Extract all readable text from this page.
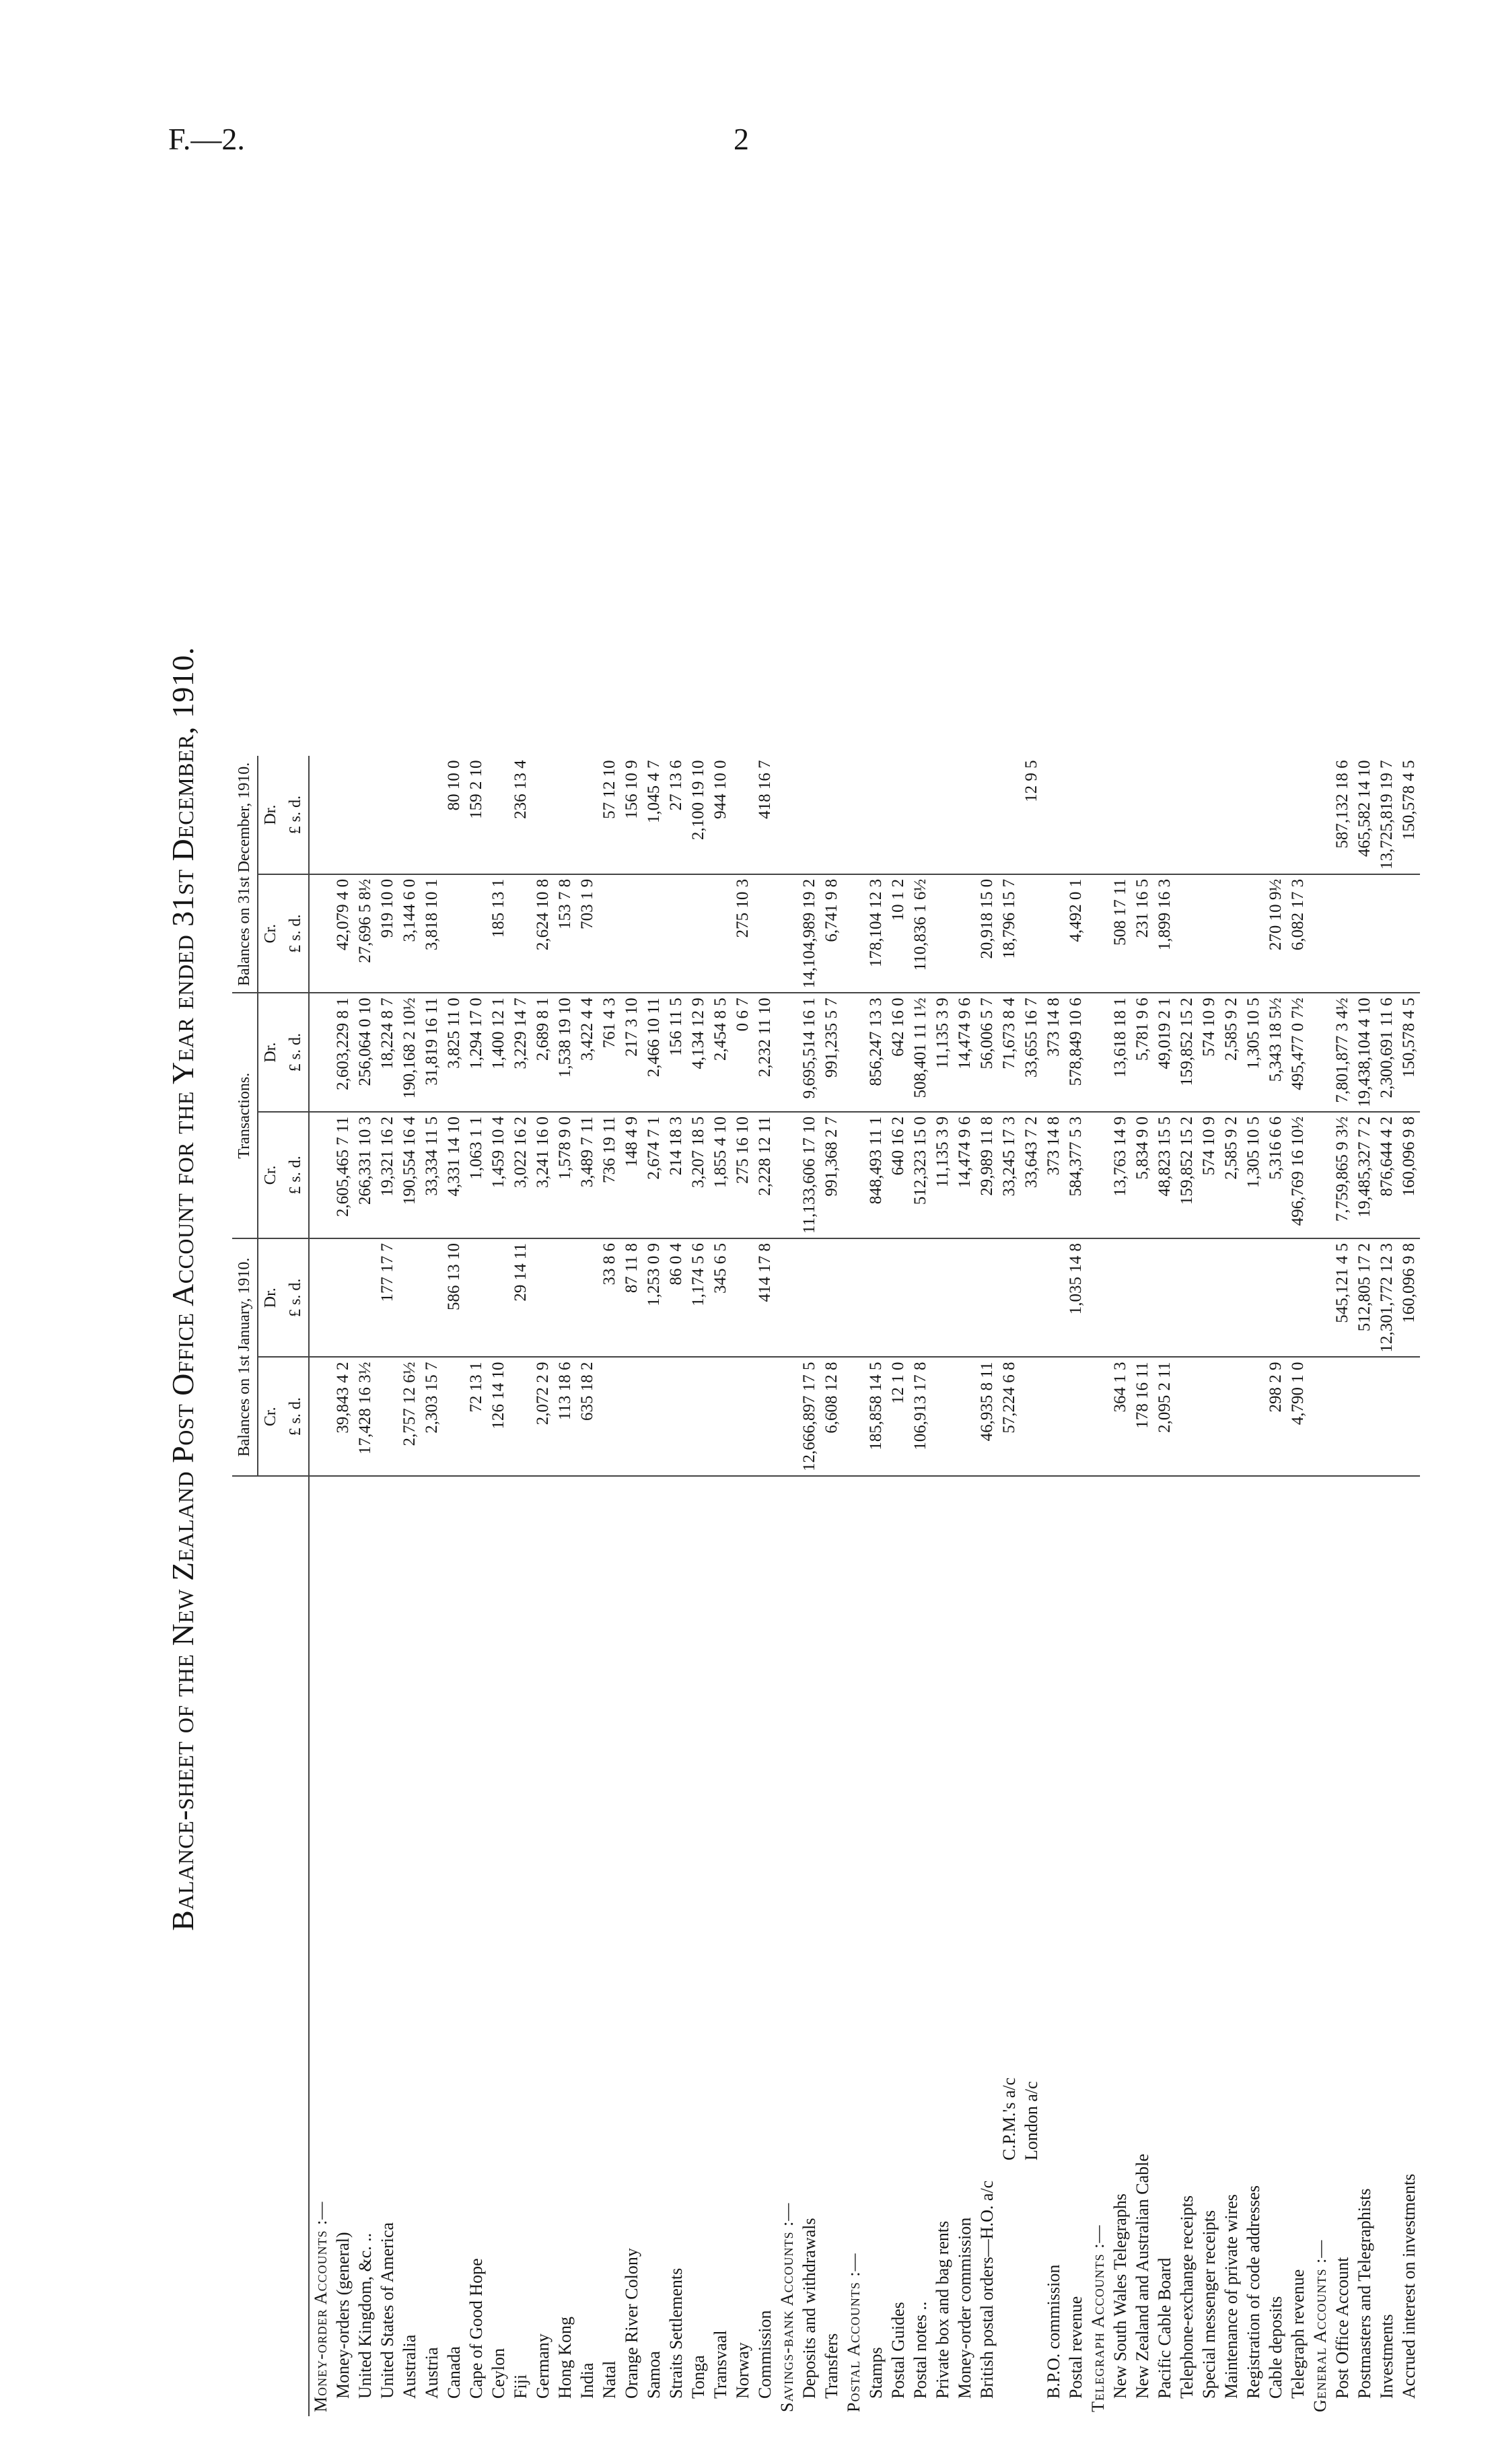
F.—2.	2
Balance-sheet of the New Zealand Post Office Account for the Year ended 31st December, 1910.
	Balances on 1st January, 1910.		Transactions.		Balances on 31st December, 1910.	
	Cr.	Dr.	Cr.	Dr.	Cr.	Dr.
	£ s. d.	£ s. d.	£ s. d.	£ s. d.	£ s. d.	£ s. d.
Money-order Accounts :—						
Money-orders (general)	39,843 4 2		2,605,465 7 11	2,603,229 8 1	42,079 4 0	
United Kingdom, &c. ..	17,428 16 3½		266,331 10 3	256,064 0 10	27,696 5 8½	
United States of America		177 17 7	19,321 16 2	18,224 8 7	919 10 0	
Australia	2,757 12 6½		190,554 16 4	190,168 2 10½	3,144 6 0	
Austria	2,303 15 7		33,334 11 5	31,819 16 11	3,818 10 1	
Canada		586 13 10	4,331 14 10	3,825 11 0		80 10 0
Cape of Good Hope	72 13 1		1,063 1 1	1,294 17 0		159 2 10
Ceylon	126 14 10		1,459 10 4	1,400 12 1	185 13 1	
Fiji		29 14 11	3,022 16 2	3,229 14 7		236 13 4
Germany	2,072 2 9		3,241 16 0	2,689 8 1	2,624 10 8	
Hong Kong	113 18 6		1,578 9 0	1,538 19 10	153 7 8	
India	635 18 2		3,489 7 11	3,422 4 4	703 1 9	
Natal		33 8 6	736 19 11	761 4 3		57 12 10
Orange River Colony		87 11 8	148 4 9	217 3 10		156 10 9
Samoa		1,253 0 9	2,674 7 1	2,466 10 11		1,045 4 7
Straits Settlements		86 0 4	214 18 3	156 11 5		27 13 6
Tonga		1,174 5 6	3,207 18 5	4,134 12 9		2,100 19 10
Transvaal		345 6 5	1,855 4 10	2,454 8 5		944 10 0
Norway			275 16 10	0 6 7	275 10 3	
Commission		414 17 8	2,228 12 11	2,232 11 10		418 16 7
Savings-bank Accounts :—						
Deposits and withdrawals	12,666,897 17 5		11,133,606 17 10	9,695,514 16 1	14,104,989 19 2	
Transfers	6,608 12 8		991,368 2 7	991,235 5 7	6,741 9 8	
Postal Accounts :—						
Stamps	185,858 14 5		848,493 11 1	856,247 13 3	178,104 12 3	
Postal Guides	12 1 0		640 16 2	642 16 0	10 1 2	
Postal notes ..	106,913 17 8		512,323 15 0	508,401 11 1½	110,836 1 6½	
Private box and bag rents			11,135 3 9	11,135 3 9		
Money-order commission			14,474 9 6	14,474 9 6		
British postal orders—H.O. a/c	46,935 8 11		29,989 11 8	56,006 5 7	20,918 15 0	
C.P.M.'s a/c	57,224 6 8		33,245 17 3	71,673 8 4	18,796 15 7	
London a/c			33,643 7 2	33,655 16 7		12 9 5
B.P.O. commission			373 14 8	373 14 8		
Postal revenue		1,035 14 8	584,377 5 3	578,849 10 6	4,492 0 1	
Telegraph Accounts :—						
New South Wales Telegraphs	364 1 3		13,763 14 9	13,618 18 1	508 17 11	
New Zealand and Australian Cable	178 16 11		5,834 9 0	5,781 9 6	231 16 5	
Pacific Cable Board	2,095 2 11		48,823 15 5	49,019 2 1	1,899 16 3	
Telephone-exchange receipts			159,852 15 2	159,852 15 2		
Special messenger receipts			574 10 9	574 10 9		
Maintenance of private wires			2,585 9 2	2,585 9 2		
Registration of code addresses			1,305 10 5	1,305 10 5		
Cable deposits	298 2 9		5,316 6 6	5,343 18 5½	270 10 9½	
Telegraph revenue	4,790 1 0		496,769 16 10½	495,477 0 7½	6,082 17 3	
General Accounts :—						
Post Office Account		545,121 4 5	7,759,865 9 3½	7,801,877 3 4½		587,132 18 6
Postmasters and Telegraphists		512,805 17 2	19,485,327 7 2	19,438,104 4 10		465,582 14 10
Investments		12,301,772 12 3	876,644 4 2	2,300,691 11 6		13,725,819 19 7
Accrued interest on investments		160,096 9 8	160,096 9 8	150,578 4 5		150,578 4 5
